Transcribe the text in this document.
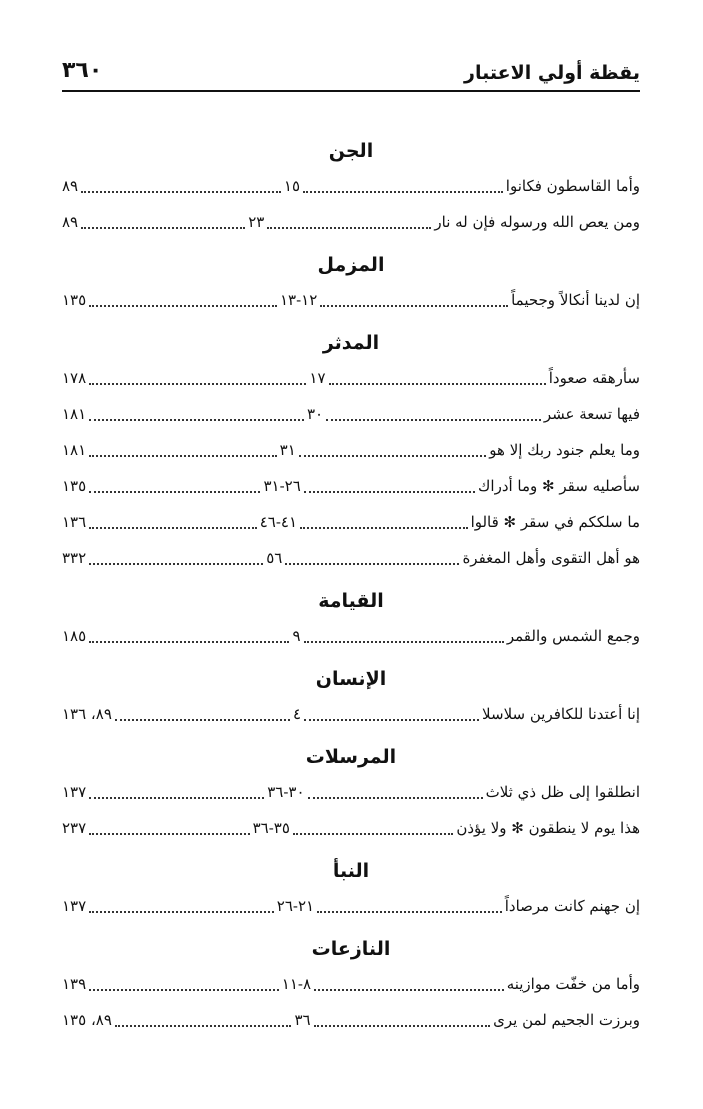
يقظة أولي الاعتبار
٣٦٠
الجن
وأما القاسطون فكانوا
١٥
٨٩
ومن يعص الله ورسوله فإن له نار
٢٣
٨٩
المزمل
إن لدينا أنكالاً وجحيماً
١٢-١٣
١٣٥
المدثر
سأرهقه صعوداً
١٧
١٧٨
فيها تسعة عشر
٣٠
١٨١
وما يعلم جنود ربك إلا هو
٣١
١٨١
سأصليه سقر ✻ وما أدراك
٢٦-٣١
١٣٥
ما سلككم في سقر ✻ قالوا
٤١-٤٦
١٣٦
هو أهل التقوى وأهل المغفرة
٥٦
٣٣٢
القيامة
وجمع الشمس والقمر
٩
١٨٥
الإنسان
إنا أعتدنا للكافرين سلاسلا
٤
٨٩، ١٣٦
المرسلات
انطلقوا إلى ظل ذي ثلاث
٣٠-٣٦
١٣٧
هذا يوم لا ينطقون ✻ ولا يؤذن
٣٥-٣٦
٢٣٧
النبأ
إن جهنم كانت مرصاداً
٢١-٢٦
١٣٧
النازعات
وأما من خفّت موازينه
٨-١١
١٣٩
وبرزت الجحيم لمن يرى
٣٦
٨٩، ١٣٥
